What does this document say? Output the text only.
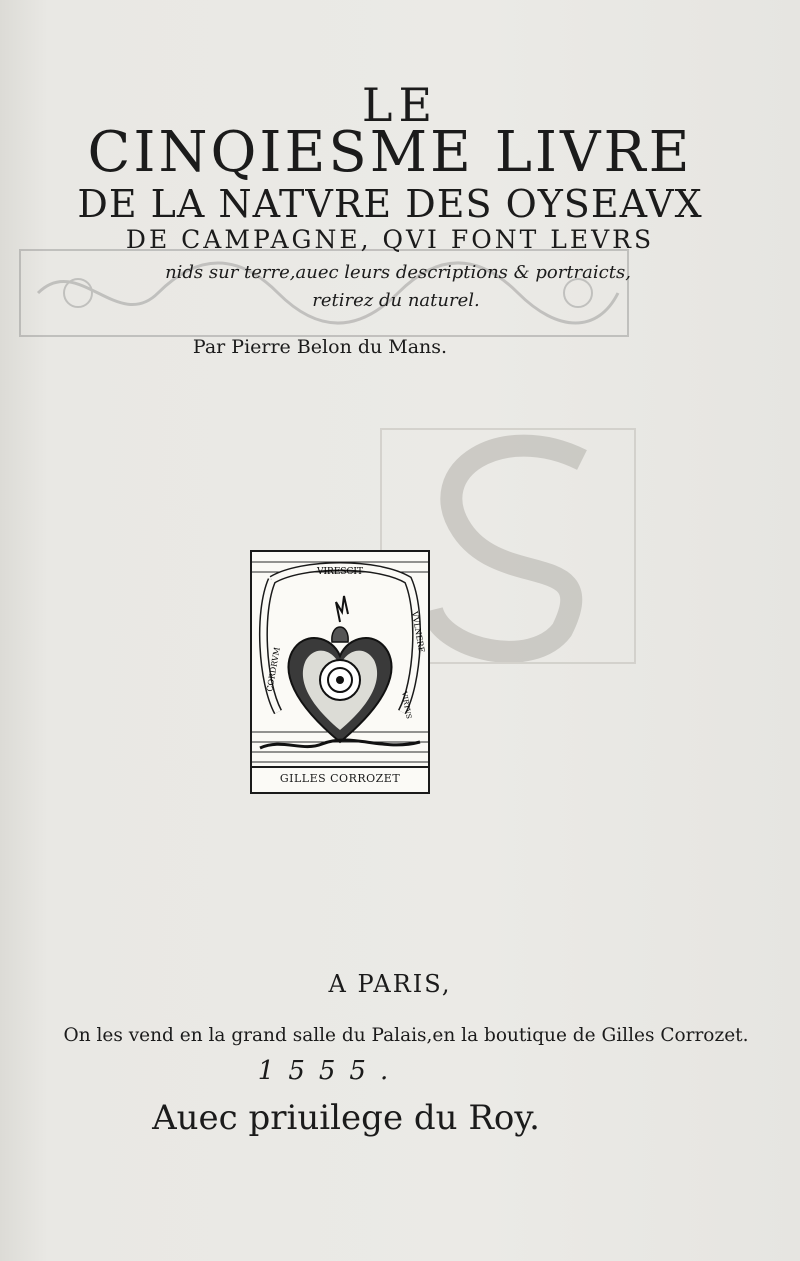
LE
CINQIESME LIVRE
DE LA NATVRE DES OYSEAVX
DE CAMPAGNE, QVI FONT LEVRS
nids sur terre,auec leurs descriptions & portraicts,
retirez du naturel.
Par Pierre Belon du Mans.
VIRESCIT
CORDRVM
VVLNERE
VIRTVS
GILLES CORROZET
A PARIS,
On les vend en la grand salle du Palais,en la boutique de Gilles Corrozet.
1555.
Auec priuilege du Roy.
